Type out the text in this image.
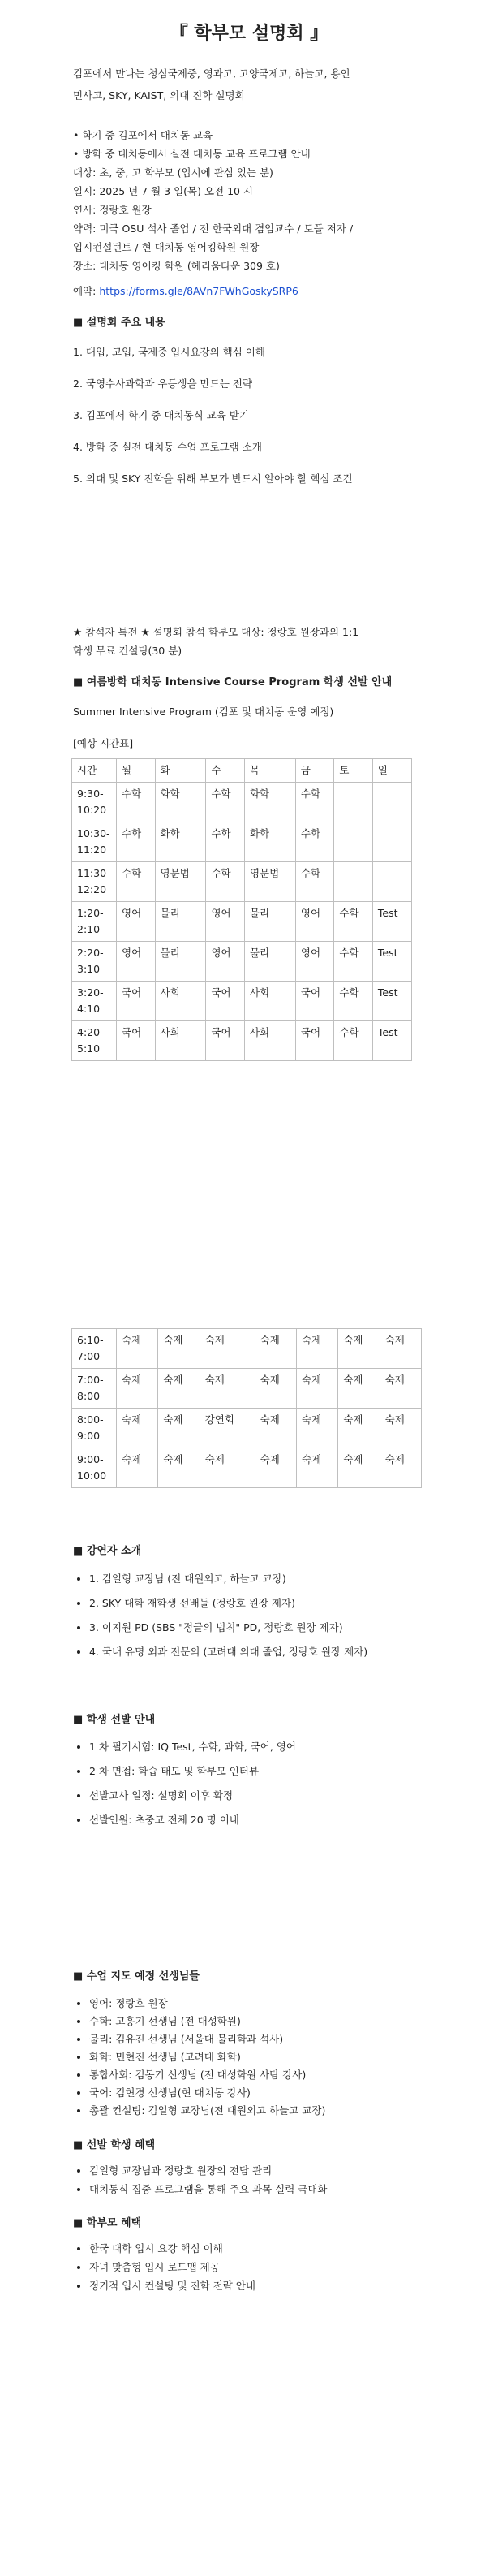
『 학부모 설명회 』
김포에서 만나는 청심국제중, 영과고, 고양국제고, 하늘고, 용인
민사고, SKY, KAIST, 의대 진학 설명회
• 학기 중 김포에서 대치동 교육
• 방학 중 대치동에서 실전 대치동 교육 프로그램 안내
대상: 초, 중, 고 학부모 (입시에 관심 있는 분)
일시: 2025 년 7 월 3 일(목) 오전 10 시
연사: 정랑호 원장
약력: 미국 OSU 석사 졸업 / 전 한국외대 겸임교수 / 토플 저자 /
입시컨설턴트 / 현 대치동 영어킹학원 원장
장소: 대치동 영어킹 학원 (헤리움타운 309 호)
예약: https://forms.gle/8AVn7FWhGoskySRP6
■ 설명회 주요 내용
1. 대입, 고입, 국제중 입시요강의 핵심 이해
2. 국영수사과학과 우등생을 만드는 전략
3. 김포에서 학기 중 대치동식 교육 받기
4. 방학 중 실전 대치동 수업 프로그램 소개
5. 의대 및 SKY 진학을 위해 부모가 반드시 알아야 할 핵심 조건
★ 참석자 특전 ★ 설명회 참석 학부모 대상: 정랑호 원장과의 1:1
학생 무료 컨설팅(30 분)
■ 여름방학 대치동 Intensive Course Program 학생 선발 안내
Summer Intensive Program (김포 및 대치동 운영 예정)
[예상 시간표]
시간	월	화	수	목	금	토	일
9:30-10:20	수학	화학	수학	화학	수학		
10:30-11:20	수학	화학	수학	화학	수학		
11:30-12:20	수학	영문법	수학	영문법	수학		
1:20-2:10	영어	물리	영어	물리	영어	수학	Test
2:20-3:10	영어	물리	영어	물리	영어	수학	Test
3:20-4:10	국어	사회	국어	사회	국어	수학	Test
4:20-5:10	국어	사회	국어	사회	국어	수학	Test
6:10-7:00	숙제	숙제	숙제	숙제	숙제	숙제	숙제
7:00-8:00	숙제	숙제	숙제	숙제	숙제	숙제	숙제
8:00-9:00	숙제	숙제	강연회	숙제	숙제	숙제	숙제
9:00-10:00	숙제	숙제	숙제	숙제	숙제	숙제	숙제
■ 강연자 소개
• 1. 김일형 교장님 (전 대원외고, 하늘고 교장)
• 2. SKY 대학 재학생 선배들 (정랑호 원장 제자)
• 3. 이지원 PD (SBS "정글의 법칙" PD, 정랑호 원장 제자)
• 4. 국내 유명 외과 전문의 (고려대 의대 졸업, 정랑호 원장 제자)
■ 학생 선발 안내
• 1 차 필기시험: IQ Test, 수학, 과학, 국어, 영어
• 2 차 면접: 학습 태도 및 학부모 인터뷰
• 선발고사 일정: 설명회 이후 확정
• 선발인원: 초중고 전체 20 명 이내
■ 수업 지도 예정 선생님들
• 영어: 정랑호 원장
• 수학: 고흥기 선생님 (전 대성학원)
• 물리: 김유진 선생님 (서울대 물리학과 석사)
• 화학: 민현진 선생님 (고려대 화학)
• 통합사회: 김동기 선생님 (전 대성학원 사탐 강사)
• 국어: 김현경 선생님(현 대치동 강사)
• 총괄 컨설팅: 김일형 교장님(전 대원외고 하늘고 교장)
■ 선발 학생 혜택
• 김일형 교장님과 정랑호 원장의 전담 관리
• 대치동식 집중 프로그램을 통해 주요 과목 실력 극대화
■ 학부모 혜택
• 한국 대학 입시 요강 핵심 이해
• 자녀 맞춤형 입시 로드맵 제공
• 정기적 입시 컨설팅 및 진학 전략 안내
